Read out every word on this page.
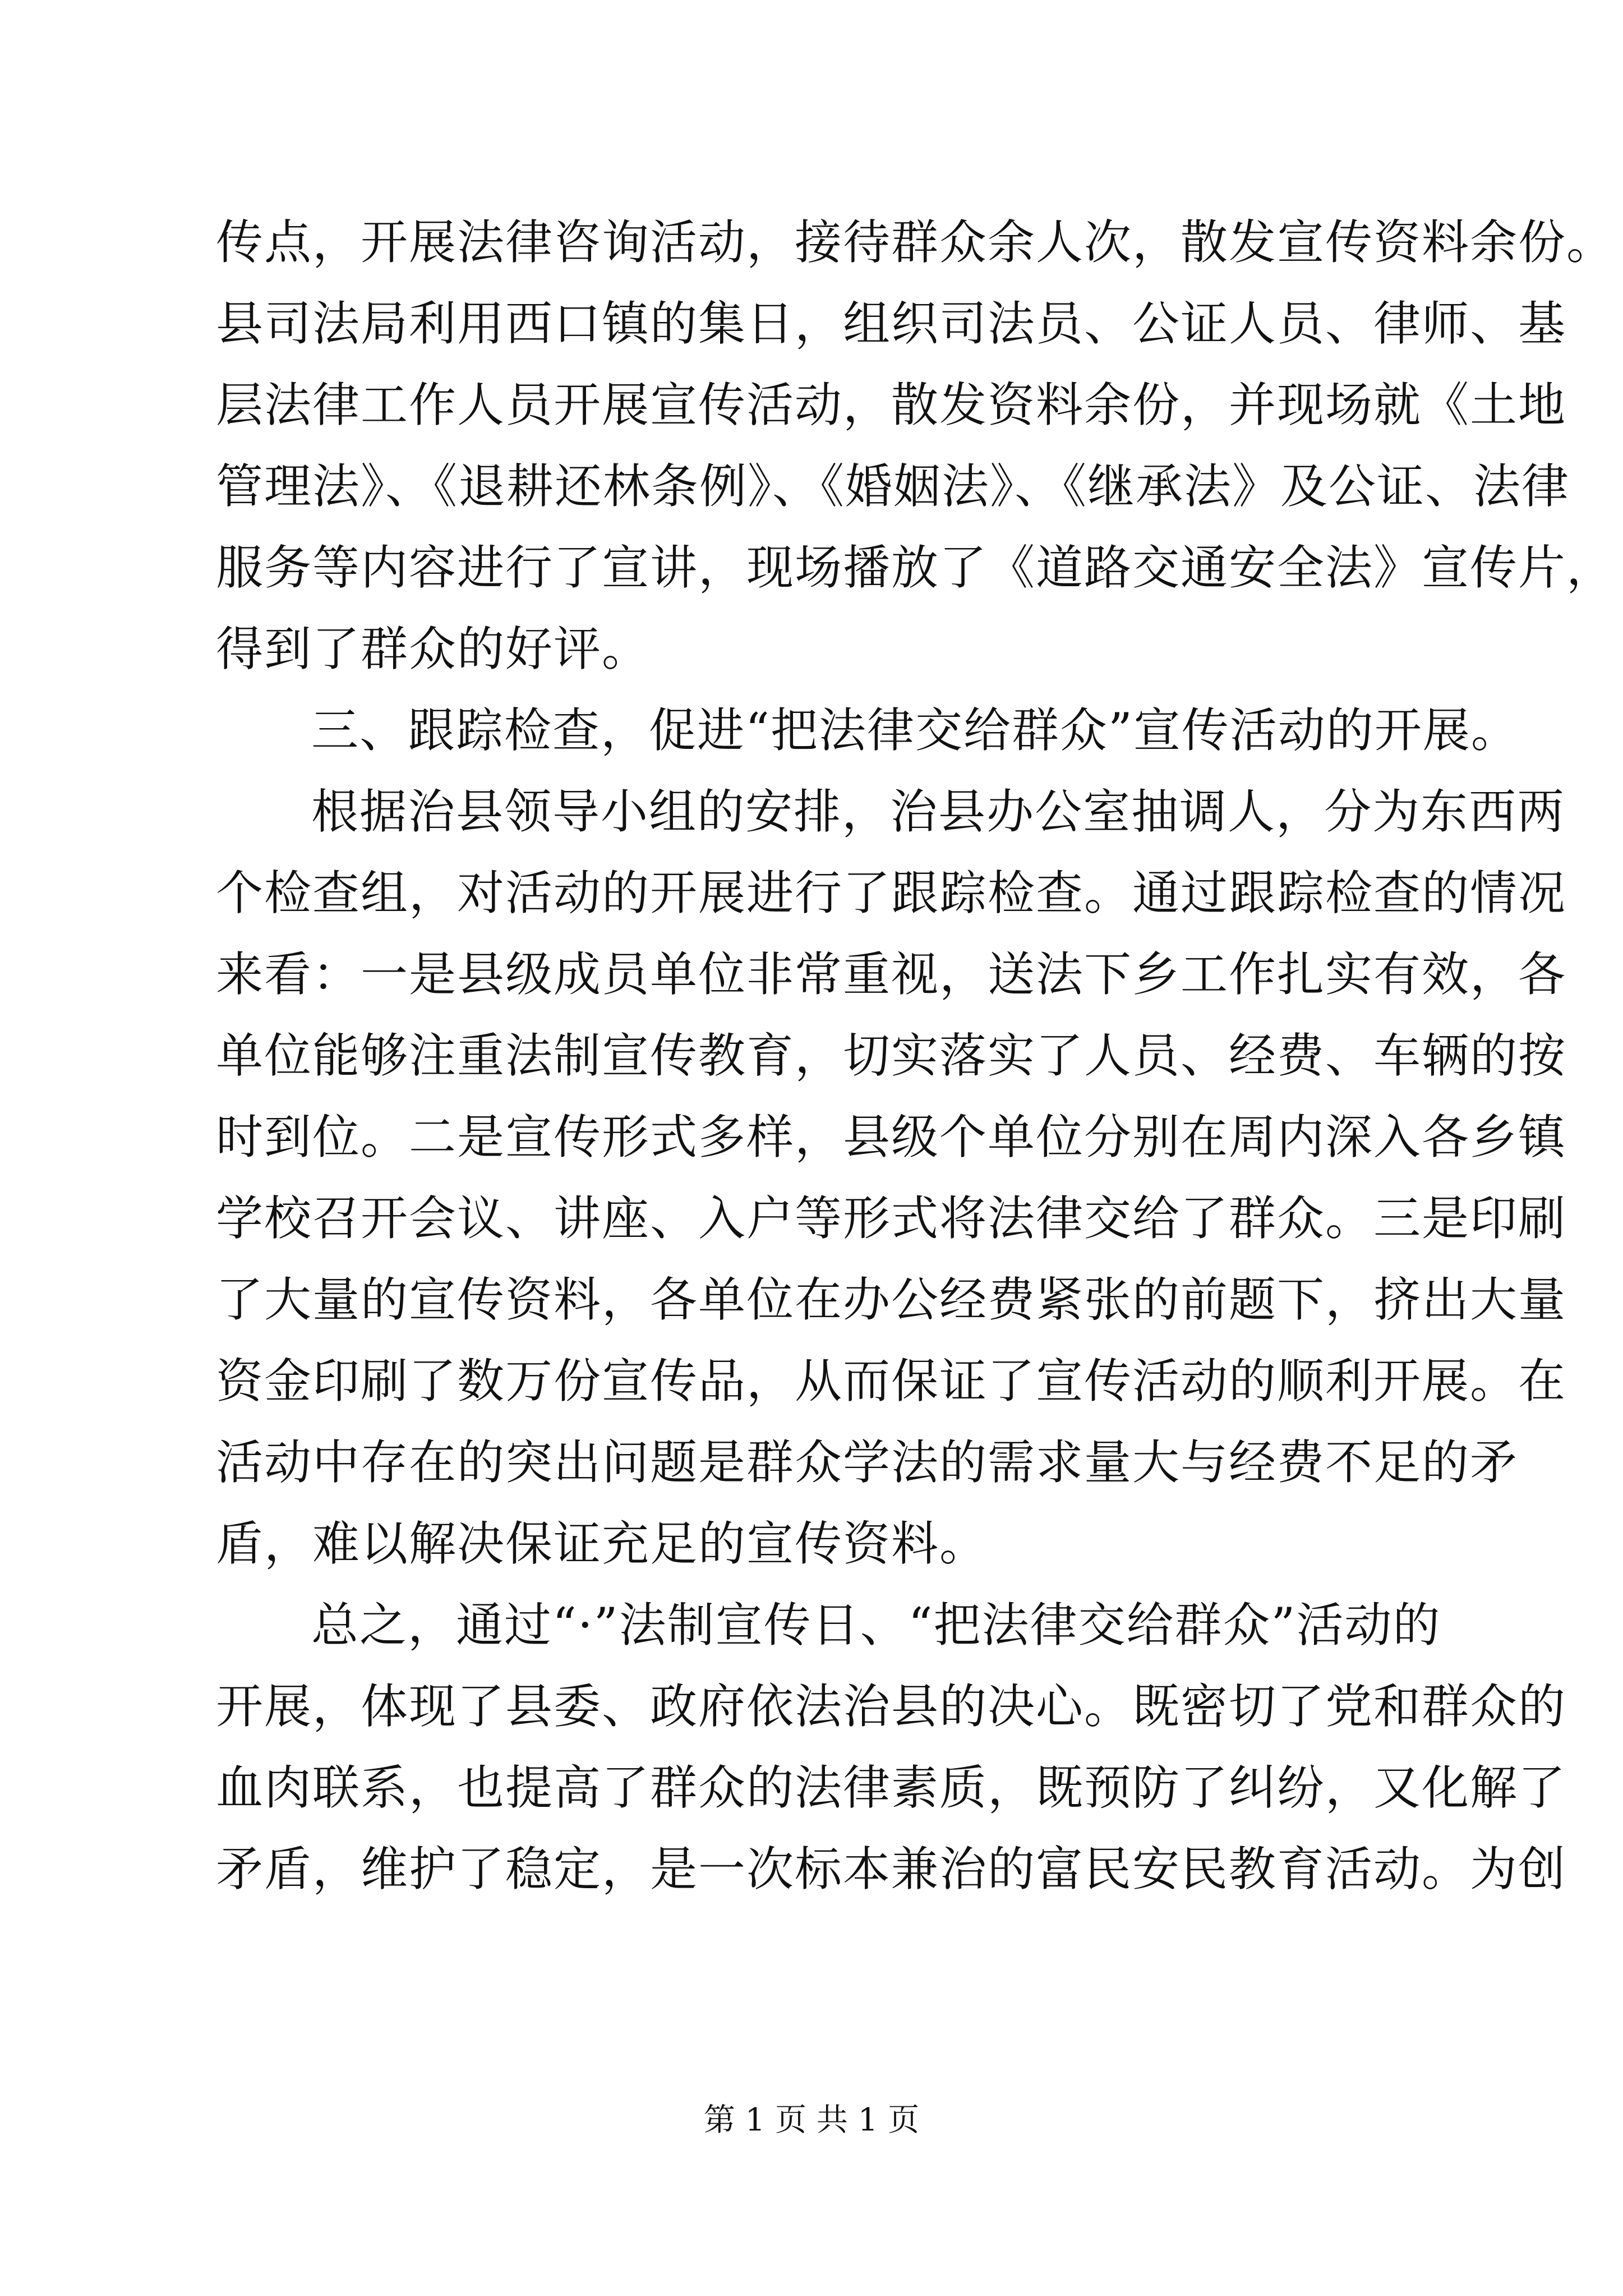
传点，开展法律咨询活动，接待群众余人次，散发宣传资料余份。
县司法局利用西口镇的集日，组织司法员、公证人员、律师、基
层法律工作人员开展宣传活动，散发资料余份，并现场就《土地
管理法》、《退耕还林条例》、《婚姻法》、《继承法》及公证、法律
服务等内容进行了宣讲，现场播放了《道路交通安全法》宣传片，
得到了群众的好评。
三、跟踪检查，促进“把法律交给群众”宣传活动的开展。
根据治县领导小组的安排，治县办公室抽调人，分为东西两
个检查组，对活动的开展进行了跟踪检查。通过跟踪检查的情况
来看：一是县级成员单位非常重视，送法下乡工作扎实有效，各
单位能够注重法制宣传教育，切实落实了人员、经费、车辆的按
时到位。二是宣传形式多样，县级个单位分别在周内深入各乡镇
学校召开会议、讲座、入户等形式将法律交给了群众。三是印刷
了大量的宣传资料，各单位在办公经费紧张的前题下，挤出大量
资金印刷了数万份宣传品，从而保证了宣传活动的顺利开展。在
活动中存在的突出问题是群众学法的需求量大与经费不足的矛
盾，难以解决保证充足的宣传资料。
总之，通过“·”法制宣传日、“把法律交给群众”活动的
开展，体现了县委、政府依法治县的决心。既密切了党和群众的
血肉联系，也提高了群众的法律素质，既预防了纠纷，又化解了
矛盾，维护了稳定，是一次标本兼治的富民安民教育活动。为创
第 1 页 共 1 页
